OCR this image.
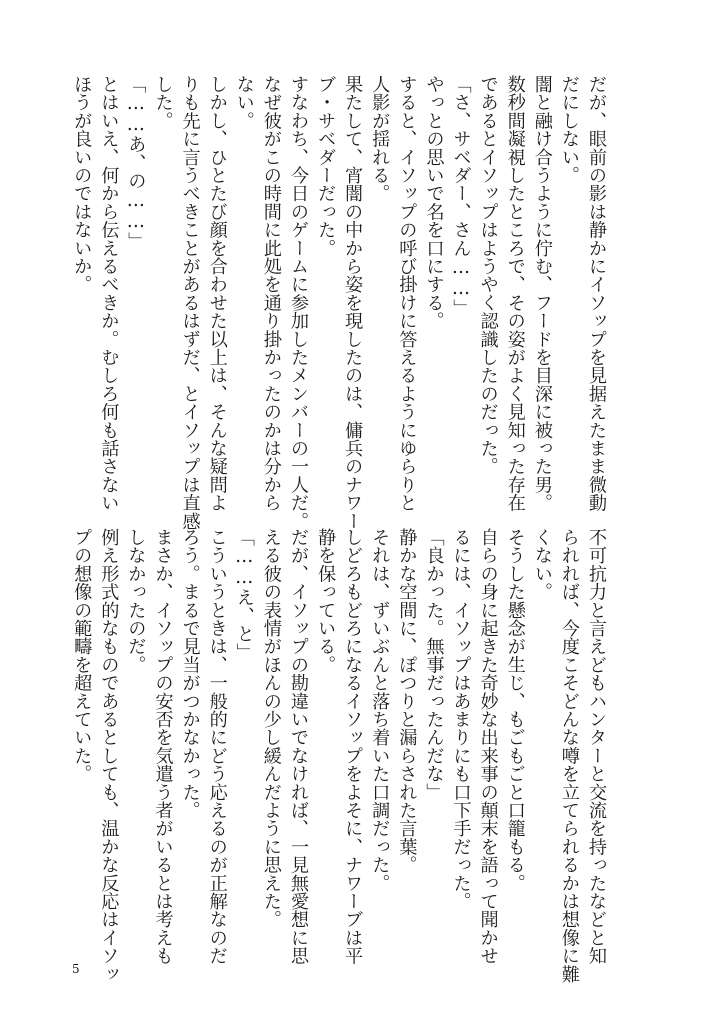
だが、眼前の影は静かにイソップを見据えたまま微動
だにしない。
闇と融け合うように佇む、フードを目深に被った男。
数秒間凝視したところで、その姿がよく見知った存在
であるとイソップはようやく認識したのだった。
「さ、サベダー、さん……」
やっとの思いで名を口にする。
すると、イソップの呼び掛けに答えるようにゆらりと
人影が揺れる。
果たして、宵闇の中から姿を現したのは、傭兵のナワー
ブ・サベダーだった。
すなわち、今日のゲームに参加したメンバーの一人だ。
なぜ彼がこの時間に此処を通り掛かったのかは分から
ない。
しかし、ひとたび顔を合わせた以上は、そんな疑問よ
りも先に言うべきことがあるはずだ、とイソップは直感
した。
「……あ、の……」
とはいえ、何から伝えるべきか。むしろ何も話さない
ほうが良いのではないか。
不可抗力と言えどもハンターと交流を持ったなどと知
られれば、今度こそどんな噂を立てられるかは想像に難
くない。
そうした懸念が生じ、もごもごと口籠もる。
自らの身に起きた奇妙な出来事の顛末を語って聞かせ
るには、イソップはあまりにも口下手だった。
「良かった。無事だったんだな」
静かな空間に、ぽつりと漏らされた言葉。
それは、ずいぶんと落ち着いた口調だった。
しどろもどろになるイソップをよそに、ナワーブは平
静を保っている。
だが、イソップの勘違いでなければ、一見無愛想に思
える彼の表情がほんの少し緩んだように思えた。
「……え、と」
こういうときは、一般的にどう応えるのが正解なのだ
ろう。まるで見当がつかなかった。
まさか、イソップの安否を気遣う者がいるとは考えも
しなかったのだ。
例え形式的なものであるとしても、温かな反応はイソッ
プの想像の範疇を超えていた。
5
